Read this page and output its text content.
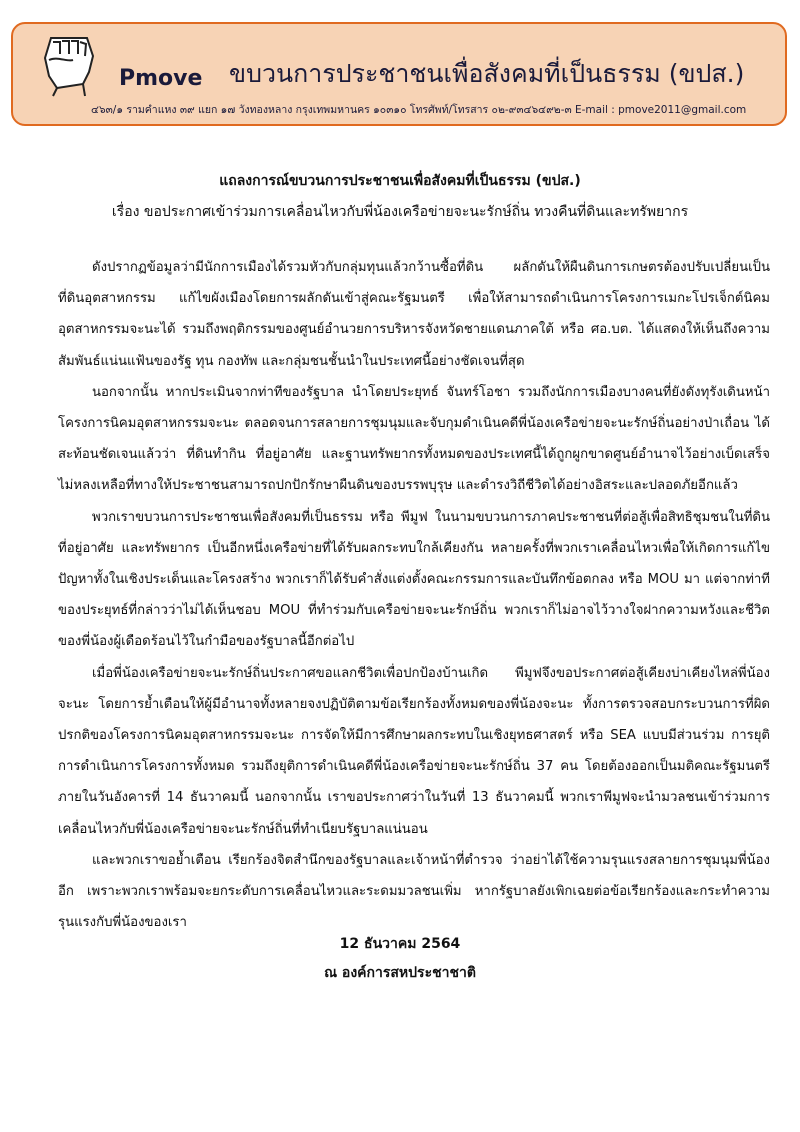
Pmove ขบวนการประชาชนเพื่อสังคมที่เป็นธรรม (ขปส.)
๔๖๓/๑ รามคำแหง ๓๙ แยก ๑๗ วังทองหลาง กรุงเทพมหานคร ๑๐๓๑๐ โทรศัพท์/โทรสาร ๐๒-๙๓๔๖๔๙๒-๓ E-mail : pmove2011@gmail.com
แถลงการณ์ขบวนการประชาชนเพื่อสังคมที่เป็นธรรม (ขปส.)
เรื่อง ขอประกาศเข้าร่วมการเคลื่อนไหวกับพี่น้องเครือข่ายจะนะรักษ์ถิ่น ทวงคืนที่ดินและทรัพยากร

ดังปรากฏข้อมูลว่ามีนักการเมืองได้รวมหัวกับกลุ่มทุนแล้วกว้านซื้อที่ดิน ผลักดันให้ผืนดินการเกษตรต้องปรับเปลี่ยนเป็นที่ดินอุตสาหกรรม แก้ไขผังเมืองโดยการผลักดันเข้าสู่คณะรัฐมนตรี เพื่อให้สามารถดำเนินการโครงการเมกะโปรเจ็กต์นิคมอุตสาหกรรมจะนะได้ รวมถึงพฤติกรรมของศูนย์อำนวยการบริหารจังหวัดชายแดนภาคใต้ หรือ ศอ.บต. ได้แสดงให้เห็นถึงความสัมพันธ์แน่นแฟ้นของรัฐ ทุน กองทัพ และกลุ่มชนชั้นนำในประเทศนี้อย่างชัดเจนที่สุด

นอกจากนั้น หากประเมินจากท่าทีของรัฐบาล นำโดยประยุทธ์ จันทร์โอชา รวมถึงนักการเมืองบางคนที่ยังดังทุรังเดินหน้าโครงการนิคมอุตสาหกรรมจะนะ ตลอดจนการสลายการชุมนุมและจับกุมดำเนินคดีพี่น้องเครือข่ายจะนะรักษ์ถิ่นอย่างป่าเถื่อน ได้สะท้อนชัดเจนแล้วว่า ที่ดินทำกิน ที่อยู่อาศัย และฐานทรัพยากรทั้งหมดของประเทศนี้ได้ถูกผูกขาดศูนย์อำนาจไว้อย่างเบ็ดเสร็จ ไม่หลงเหลือที่ทางให้ประชาชนสามารถปกปักรักษาผืนดินของบรรพบุรุษ และดำรงวิถีชีวิตได้อย่างอิสระและปลอดภัยอีกแล้ว

พวกเราขบวนการประชาชนเพื่อสังคมที่เป็นธรรม หรือ พีมูฟ ในนามขบวนการภาคประชาชนที่ต่อสู้เพื่อสิทธิชุมชนในที่ดิน ที่อยู่อาศัย และทรัพยากร เป็นอีกหนึ่งเครือข่ายที่ได้รับผลกระทบใกล้เคียงกัน หลายครั้งที่พวกเราเคลื่อนไหวเพื่อให้เกิดการแก้ไขปัญหาทั้งในเชิงประเด็นและโครงสร้าง พวกเราก็ได้รับคำสั่งแต่งตั้งคณะกรรมการและบันทึกข้อตกลง หรือ MOU มา แต่จากท่าทีของประยุทธ์ที่กล่าวว่าไม่ได้เห็นชอบ MOU ที่ทำร่วมกับเครือข่ายจะนะรักษ์ถิ่น พวกเราก็ไม่อาจไว้วางใจฝากความหวังและชีวิตของพี่น้องผู้เดือดร้อนไว้ในกำมือของรัฐบาลนี้อีกต่อไป

เมื่อพี่น้องเครือข่ายจะนะรักษ์ถิ่นประกาศขอแลกชีวิตเพื่อปกป้องบ้านเกิด พีมูฟจึงขอประกาศต่อสู้เคียงบ่าเคียงไหล่พี่น้องจะนะ โดยการย้ำเตือนให้ผู้มีอำนาจทั้งหลายจงปฏิบัติตามข้อเรียกร้องทั้งหมดของพี่น้องจะนะ ทั้งการตรวจสอบกระบวนการที่ผิดปรกติของโครงการนิคมอุตสาหกรรมจะนะ การจัดให้มีการศึกษาผลกระทบในเชิงยุทธศาสตร์ หรือ SEA แบบมีส่วนร่วม การยุติการดำเนินการโครงการทั้งหมด รวมถึงยุติการดำเนินคดีพี่น้องเครือข่ายจะนะรักษ์ถิ่น 37 คน โดยต้องออกเป็นมติคณะรัฐมนตรีภายในวันอังคารที่ 14 ธันวาคมนี้ นอกจากนั้น เราขอประกาศว่าในวันที่ 13 ธันวาคมนี้ พวกเราพีมูฟจะนำมวลชนเข้าร่วมการเคลื่อนไหวกับพี่น้องเครือข่ายจะนะรักษ์ถิ่นที่ทำเนียบรัฐบาลแน่นอน

และพวกเราขอย้ำเตือน เรียกร้องจิตสำนึกของรัฐบาลและเจ้าหน้าที่ตำรวจ ว่าอย่าได้ใช้ความรุนแรงสลายการชุมนุมพี่น้องอีก เพราะพวกเราพร้อมจะยกระดับการเคลื่อนไหวและระดมมวลชนเพิ่ม หากรัฐบาลยังเพิกเฉยต่อข้อเรียกร้องและกระทำความรุนแรงกับพี่น้องของเรา

12 ธันวาคม 2564
ณ องค์การสหประชาชาติ
